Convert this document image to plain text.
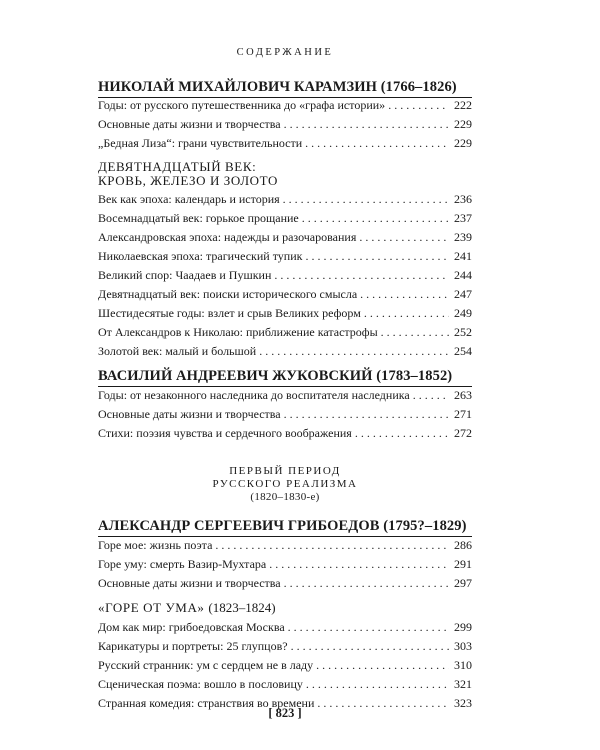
СОДЕРЖАНИЕ
НИКОЛАЙ МИХАЙЛОВИЧ КАРАМЗИН (1766–1826)
Годы: от русского путешественника до «графа истории» . . .	222
Основные даты жизни и творчества . . .	229
„Бедная Лиза“: грани чувствительности . . .	229
ДЕВЯТНАДЦАТЫЙ ВЕК:
КРОВЬ, ЖЕЛЕЗО И ЗОЛОТО
Век как эпоха: календарь и история . . .	236
Восемнадцатый век: горькое прощание . . .	237
Александровская эпоха: надежды и разочарования . . .	239
Николаевская эпоха: трагический тупик . . .	241
Великий спор: Чаадаев и Пушкин . . .	244
Девятнадцатый век: поиски исторического смысла . . .	247
Шестидесятые годы: взлет и срыв Великих реформ . . .	249
От Александров к Николаю: приближение катастрофы . . .	252
Золотой век: малый и большой . . .	254
ВАСИЛИЙ АНДРЕЕВИЧ ЖУКОВСКИЙ (1783–1852)
Годы: от незаконного наследника до воспитателя наследника . . .	263
Основные даты жизни и творчества . . .	271
Стихи: поэзия чувства и сердечного воображения . . .	272
ПЕРВЫЙ ПЕРИОД
РУССКОГО РЕАЛИЗМА
(1820–1830-е)
АЛЕКСАНДР СЕРГЕЕВИЧ ГРИБОЕДОВ (1795?–1829)
Горе мое: жизнь поэта . . .	286
Горе уму: смерть Вазир-Мухтара . . .	291
Основные даты жизни и творчества . . .	297
«ГОРЕ ОТ УМА» (1823–1824)
Дом как мир: грибоедовская Москва . . .	299
Карикатуры и портреты: 25 глупцов? . . .	303
Русский странник: ум с сердцем не в ладу . . .	310
Сценическая поэма: вошло в пословицу . . .	321
Странная комедия: странствия во времени . . .	323
[ 823 ]
